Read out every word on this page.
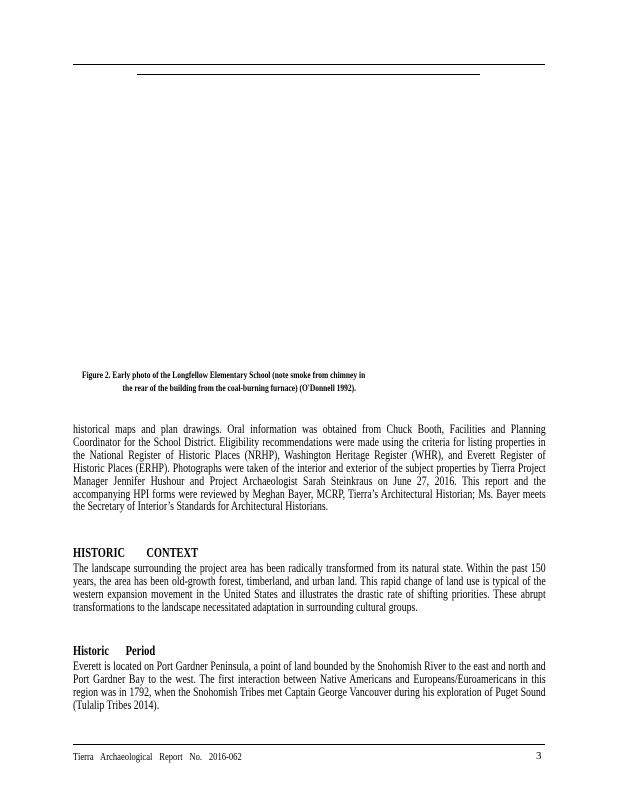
Figure 2. Early photo of the Longfellow Elementary School (note smoke from chimney in
the rear of the building from the coal-burning furnace) (O'Donnell 1992).
historical maps and plan drawings. Oral information was obtained from Chuck Booth, Facilities and Planning Coordinator for the School District. Eligibility recommendations were made using the criteria for listing properties in the National Register of Historic Places (NRHP), Washington Heritage Register (WHR), and Everett Register of Historic Places (ERHP). Photographs were taken of the interior and exterior of the subject properties by Tierra Project Manager Jennifer Hushour and Project Archaeologist Sarah Steinkraus on June 27, 2016. This report and the accompanying HPI forms were reviewed by Meghan Bayer, MCRP, Tierra’s Architectural Historian; Ms. Bayer meets the Secretary of Interior’s Standards for Architectural Historians.
HISTORIC CONTEXT
The landscape surrounding the project area has been radically transformed from its natural state. Within the past 150 years, the area has been old-growth forest, timberland, and urban land. This rapid change of land use is typical of the western expansion movement in the United States and illustrates the drastic rate of shifting priorities. These abrupt transformations to the landscape necessitated adaptation in surrounding cultural groups.
Historic Period
Everett is located on Port Gardner Peninsula, a point of land bounded by the Snohomish River to the east and north and Port Gardner Bay to the west. The first interaction between Native Americans and Europeans/Euroamericans in this region was in 1792, when the Snohomish Tribes met Captain George Vancouver during his exploration of Puget Sound (Tulalip Tribes 2014).
Tierra Archaeological Report No. 2016-062	3
